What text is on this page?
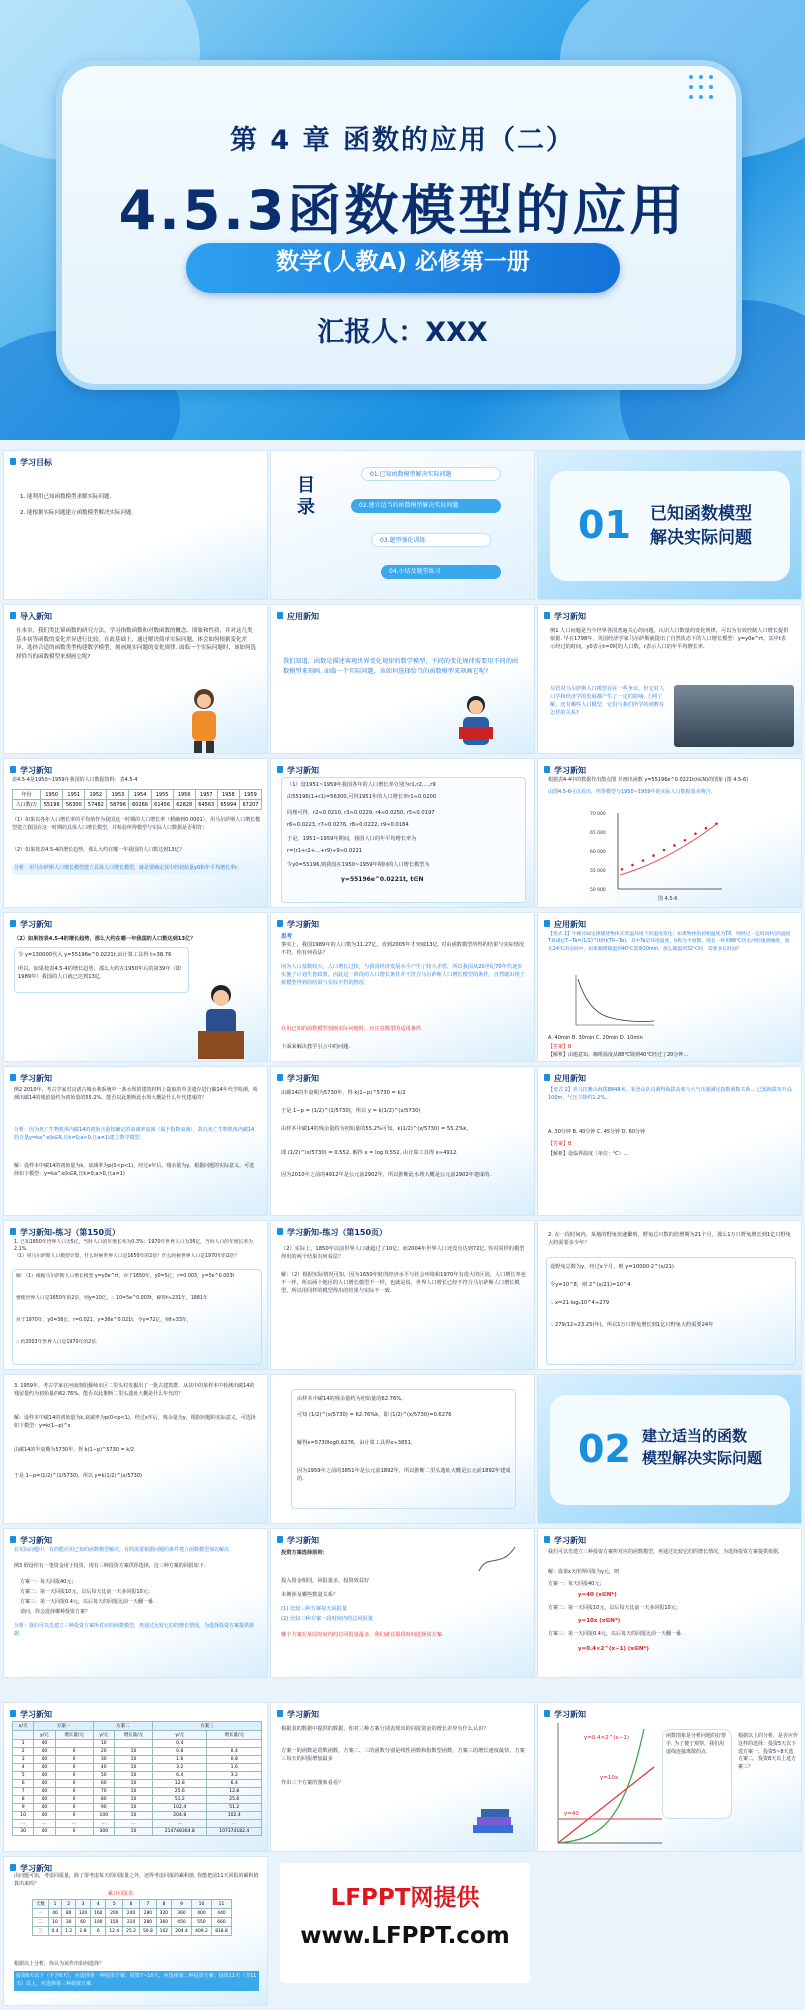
第 4 章 函数的应用（二）
4.5.3函数模型的应用
数学(人教A) 必修第一册
汇报人：XXX
学习目标
1. 能利用已知函数模型求解实际问题.
2. 能根据实际问题建立函数模型解决实际问题.
目
录
01.已知函数模型解决实际问题
02.建立适当的函数模型解决实际问题
03.题型强化训练
04.小结及随堂练习
01 已知函数模型
解决实际问题
导入新知
在本章，我们类比幂函数的研究方法，学习指数函数和对数函数的概念、图象和性质，并对这几类基本初等函数的变化差异进行比较。在此基础上，通过解决简单实际问题，体会如何根据变化差异，选择合适的函数类型构建数学模型，刻画现实问题的变化规律. 面临一个实际问题时，该如何选择恰当的函数模型来刻画它呢?
应用新知
我们知道，函数是描述客观世界变化规律的数学模型，不同的变化规律需要用不同的函数模型来刻画. 面临一个实际问题，该如何选择恰当的函数模型来刻画它呢?
学习新知
例1 人口问题是当今世界各国普遍关心的问题。认识人口数量的变化规律，可以为有效控制人口增长提供依据. 早在1798年，英国经济学家马尔萨斯就提出了自然状态下的人口增长模型：y=y0e^rt，其中t表示经过的时间，y0表示t=0时的人口数，r表示人口的年平均增长率.
尽管对马尔萨斯人口模型存在一些争议，但它对人口学和经济学的发展都产生了一定的影响. 上网了解，还有哪些人口模型，它们与我们所学的函数有怎样的关系?
学习新知
表4.5-4是1950~1959年我国的人口数据资料：表4.5-4
年份	1950	1951	1952	1953	1954	1955	1956	1957	1958	1959
人口数/万	55196	56300	57482	58796	60266	61456	62828	64563	65994	67207
（1）如果以各年人口增长率的平均值作为我国这一时期的人口增长率（精确到0.0001），用马尔萨斯人口增长模型建立我国在这一时期的具体人口增长模型，并检验所得模型与实际人口数据是否相符；
（2）如果按表4.5-4的增长趋势，那么大约在哪一年我国的人口数达到13亿？
分析：用马尔萨斯人口增长模型建立具体人口增长模型，就是要确定其中的初始量y0和年平均增长率r.
学习新知
（1）设1951~1959年我国各年的人口增长率分别为r1,r2,…,r9
由55196(1+r1)=56300,可得1951年的人口增长率r1≈0.0200
同理可得，r2≈0.0210, r3≈0.0229, r4≈0.0250, r5≈0.0197
r6≈0.0223, r7≈0.0276, r8≈0.0222, r9≈0.0184
于是，1951~1959年期间，我国人口的年平均增长率为
r=(r1+r2+…+r9)÷9≈0.0221
令y0=55196,则我国在1950~1959年期间的人口增长模型为
y=55196e^0.0221t, t∈N
学习新知
根据表4-4中的数据作出散点图 并画出函数 y=55196e^0.0221t(t∈N)的图象 (图 4.5-6)
由图4.5-6可以看出，所得模型与1950~1959年的实际人口数据基本吻合.
70 000
65 000
60 000
55 000
50 000
图 4.5-6
学习新知
（2）如果按表4.5-4的增长趋势，那么大约在哪一年我国的人口数达到13亿？
令 y=130000代入 y=55196e^0.0221t,由计算工具得 t≈38.76
所以，如果按表4.5-4的增长趋势，那么大约在1950年后的第39年（即1989年）我国的人口就已达到13亿.
学习新知
思考
事实上，我国1989年的人口数为11.27亿，直到2005年才突破13亿. 对由函数模型所得的结果与实际情况不符，你有何看法？
因为人口基数较大，人口增长过快，与我国经济发展水平产生了较大矛盾，所以我国从20世纪70年代逐步实施了计划生育政策。因此这一阶段的人口增长条件并不符合马尔萨斯人口增长模型的条件，自然就出现了依模型得到的结果与实际不符的情况.
在用已知的函数模型刻画实际问题时，应注意模型的适用条件.
下面来解决教学引言中的问题.
应用新知
【变式 1】牛顿冷却定律描述物体在常温环境下的温度变化：如果物体的初始温度为T0，则经过一定时间t后的温度T将满足T−Ta=(1/2)^(t/h)(T0−Ta)，其中Ta是环境温度，h称为半衰期。现有一杯用88℃热水冲的速溶咖啡，放在24℃的房间中，如果咖啡降温到40℃需要20min，那么降温到32℃时，需要多长时间？
A. 40min B. 30min C. 20min D. 10min
【答案】B
【解析】由题意知，咖啡温度从88℃降到40℃经过了20分钟...
学习新知
例2 2010年，考古学家对良渚古城水利系统中一条水坝的建筑材料上提取的草茎遗存进行碳14年代学检测，检测出碳14的残留量约为初始量的55.2%，能否以此推断此水坝大概是什么年代建成的？
分析：因为死亡生物机体内碳14的初始含量按确定的衰减率衰减（属于指数衰减），故以死亡生物机体内碳14的含量y=ka^x(k∈R,且k≠0;a>0,且a≠1)建立数学模型.
解：设样本中碳14的初始量为k，衰减率为p(0<p<1)，经过x年后，残余量为y，根据问题的实际意义，可选择如下模型：y=ka^x(k∈R,且k≠0;a>0,且a≠1)
学习新知
由碳14的半衰期为5730年，得 k(1−p)^5730 = k/2
于是 1−p = (1/2)^(1/5730)，所以 y = k(1/2)^(x/5730)
由样本中碳14的残余量约为初始量的55.2%可知，k(1/2)^(x/5730) = 55.2%k，
即 (1/2)^(x/5730) = 0.552. 解得 x = log 0.552, 由计算工具得 x≈4912.
因为2010年之前的4912年是公元前2902年，所以推断此水坝大概是公元前2902年建成的.
应用新知
【变式 2】喜马拉雅山海拔8848米，某登山队员测得海拔高度与大气压强满足指数函数关系... 已知海拔每升高100m，气压下降约1.2%...
A. 30分钟 B. 40分钟 C. 45分钟 D. 60分钟
【答案】B
【解析】设临界温度（单位：℃）...
学习新知-练习（第150页）
1. 已知1650年世界人口为5亿，当时人口的年增长率为0.3%；1970年世界人口为36亿，当时人口的年增长率为2.1%.
（1）用马尔萨斯人口模型计算，什么时候世界人口是1650年的2倍？什么时候世界人口是1970年的2倍？
解：（1）根据马尔萨斯人口增长模型 y=y0e^rt，对于1650年，y0=5亿，r=0.003，y=5e^0.003t
要使世界人口是1650年的2倍，则y=10亿，∴ 10=5e^0.003t，解得t≈231年，1881年
对于1970年，y0=36亿，r=0.021，y=36e^0.021t，令y=72亿，则t≈33年，
∴ 约2003年世界人口是1970年的2倍.
学习新知-练习（第150页）
（2）实际上，1850年以前世界人口就超过了10亿；而2004年世界人口还没有达到72亿. 你对同样的模型得出的两个结果有何看法？
解：（2）根据实际情况可知，因为1650年时的经济水平与社会环境和1970年有很大的区别，人口增长率也不一样，所以两个地区的人口增长模型不一样，也就是说，世界人口增长已经不符合马尔萨斯人口增长模型，所以用同样的模型得出的结果与实际不一致.
2. 在一段时间内，某地的野兔快速繁殖，野兔总只数的倍增期为21个月，那么1万只野兔增长到1亿只野兔大约需要多少年？
设野兔总数为y，经过x个月，则 y=10000·2^(x/21)
令y=10^8，则 2^(x/21)=10^4
∴ x=21·log₂10^4≈279
∴ 279/12≈23.25(年)，所以1万只野兔增长到1亿只野兔大约需要24年
3. 1959年，考古学家在河南洛阳偃师市区二里头村发掘出了一批古建筑群，从其中的某样本中检测出碳14的残留量约为初始量的62.76%，能否以此推断二里头遗址大概是什么年代的？
解：设样本中碳14的初始量为k,衰减率为p(0<p<1)，经过x年后，残余量为y，根据问题的实际意义，可选择如下模型：y=k(1−p)^x
由碳14的半衰期为5730年，得 k(1−p)^5730 = k/2
于是 1−p=(1/2)^(1/5730)，所以 y=k(1/2)^(x/5730)
由样本中碳14的残余量约为初始量的62.76%,
可知 (1/2)^(x/5730) = 62.76%k，即 (1/2)^(x/5730)=0.6276
解得x=5730log0.6276，由计算工具得x≈3851，
因为1959年之前的3851年是公元前1892年，所以推断二里头遗址大概是公元前1892年建成的.
02 建立适当的函数
模型解决实际问题
学习新知
在实际问题中，有的能应用已知的函数模型解决，有的需要根据问题的条件建立函数模型加以解决.
例3 假设你有一笔资金用于投资，现有三种投资方案供你选择，这三种方案的回报如下：
方案一：每天回报40元；
方案二：第一天回报10元，以后每天比前一天多回报10元；
方案三：第一天回报0.4元，以后每天的回报比前一天翻一番.
请问，你会选择哪种投资方案？
分析：我们可以先建立三种投资方案所对应的函数模型，再通过比较它们的增长情况，为选择投资方案提供依据.
学习新知
投资方案选择原则：
投入资金相同，回报量多，投资效益好
本例涉及哪些数量关系？
(1) 比较三种方案每天回报量
(2) 比较三种方案一段时间内的总回报量
哪个方案在某段时间内的总回报量最多，我们就在那段时间选择该方案.
学习新知
我们可以先建立三种投资方案所对应的函数模型，再通过比较它们的增长情况，为选择投资方案提供依据.
解：设第x天所得回报为y元，则
方案一：每天回报40元；
y=40 (x∈N*)
方案二：第一天回报10元，以后每天比前一天多回报10元；
y=10x (x∈N*)
方案三：第一天回报0.4元，以后每天的回报比前一天翻一番.
y=0.4×2^(x−1) (x∈N*)
学习新知
x/天	方案一		方案二		方案三	
	y/元	增长量/元	y/元	增长量/元	y/元	增长量/元
1	40		10		0.4	
2	40	0	20	10	0.8	0.4
3	40	0	30	10	1.6	0.8
4	40	0	40	10	3.2	1.6
5	40	0	50	10	6.4	3.2
6	40	0	60	10	12.8	6.4
7	40	0	70	10	25.6	12.8
8	40	0	80	10	51.2	25.6
9	40	0	90	10	102.4	51.2
10	40	0	100	10	204.8	102.4
…	…	…	…	…	…	…
30	40	0	300	10	214748364.8	107374182.4
学习新知
根据表的数据中提供的数据，你对三种方案分别表现出的回报资金的增长差异有什么认识？
方案一的函数是常数函数，方案二、三的函数分别是线性函数和指数型函数，方案三的增长速度最快，方案三每天的回报增加最多
作出三个方案的图象看看？
学习新知
y=0.4×2^(x−1)
y=10x
y=40
函数图象是分析问题的好帮手. 为了便于观察，我们用虚线连接离散的点.
根据以上的分析，是否应作这样的选择：投资5天以下选方案一，投资5~8天选方案二，投资8天以上选方案三？
学习新知
由问题可知，考虑回报量，除了要考虑每天的回报量之外，还得考虑回报的累积值. 你能把前11天回报的累积值算出来吗？
累计回报表
天数	1	2	3	4	5	6	7	8	9	10	11
一	40	80	120	160	200	240	280	320	360	400	440
二	10	30	60	100	150	210	280	360	450	550	660
三	0.4	1.2	2.8	6	12.4	25.2	50.8	102	204.4	409.2	818.8
根据以上分析，你认为该作出如何选择？
投资6天以下（不含6天），应选择第一种投资方案；投资7~10天，应选择第二种投资方案；投资11天（含11天）以上，应选择第三种投资方案.
LFPPT网提供
www.LFPPT.com
